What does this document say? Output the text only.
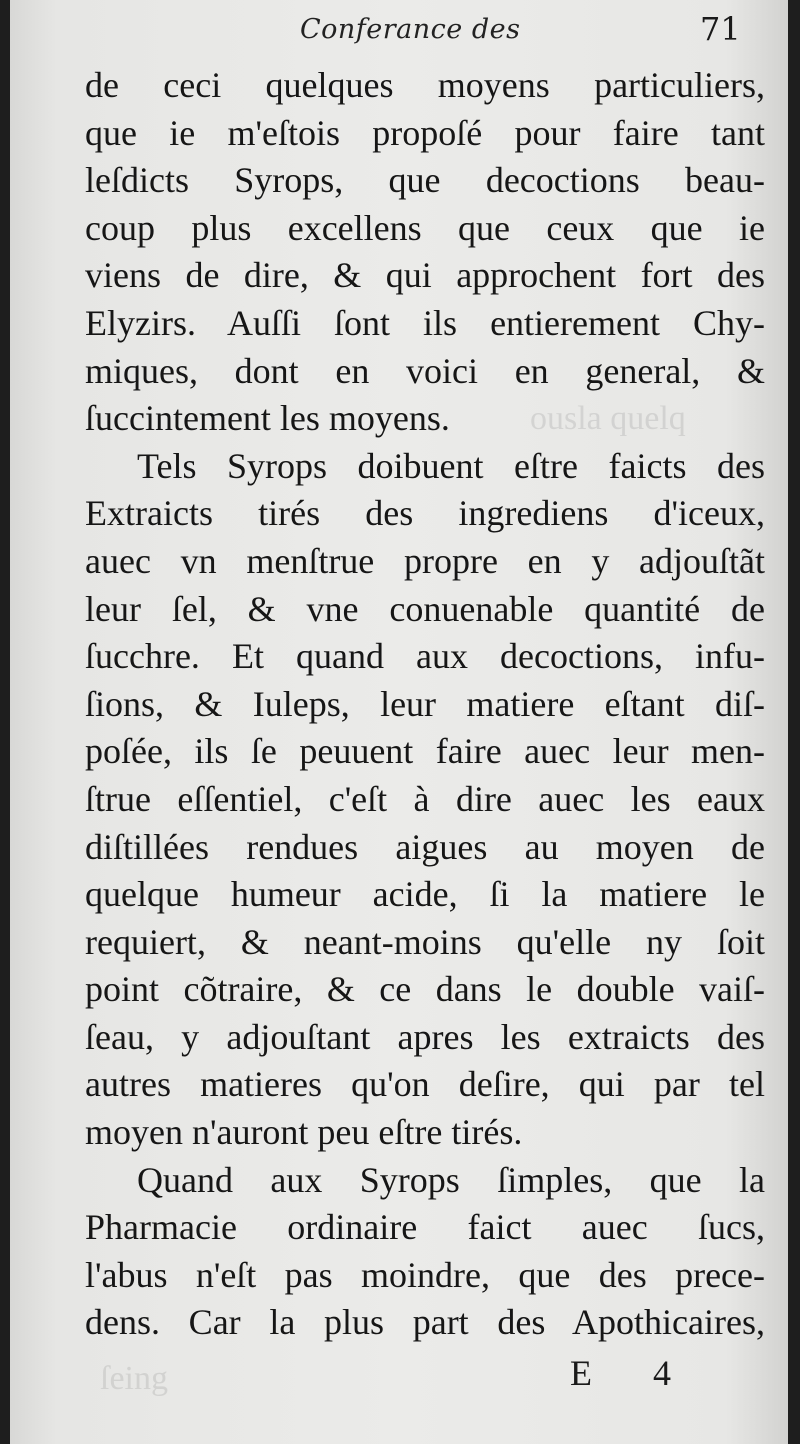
ousla quelq
ſeing
Conferance des	71
de ceci quelques moyens particuliers,
que ie m'eſtois propoſé pour faire tant
leſdicts Syrops, que decoctions beau-
coup plus excellens que ceux que ie
viens de dire, & qui approchent fort des
Elyzirs. Auſſi ſont ils entierement Chy-
miques, dont en voici en general, &
ſuccintement les moyens.
Tels Syrops doibuent eſtre faicts des
Extraicts tirés des ingrediens d'iceux,
auec vn menſtrue propre en y adjouſtãt
leur ſel, & vne conuenable quantité de
ſucchre. Et quand aux decoctions, infu-
ſions, & Iuleps, leur matiere eſtant diſ-
poſée, ils ſe peuuent faire auec leur men-
ſtrue eſſentiel, c'eſt à dire auec les eaux
diſtillées rendues aigues au moyen de
quelque humeur acide, ſi la matiere le
requiert, & neant-moins qu'elle ny ſoit
point cõtraire, & ce dans le double vaiſ-
ſeau, y adjouſtant apres les extraicts des
autres matieres qu'on deſire, qui par tel
moyen n'auront peu eſtre tirés.
Quand aux Syrops ſimples, que la
Pharmacie ordinaire faict auec ſucs,
l'abus n'eſt pas moindre, que des prece-
dens. Car la plus part des Apothicaires,
E 4
